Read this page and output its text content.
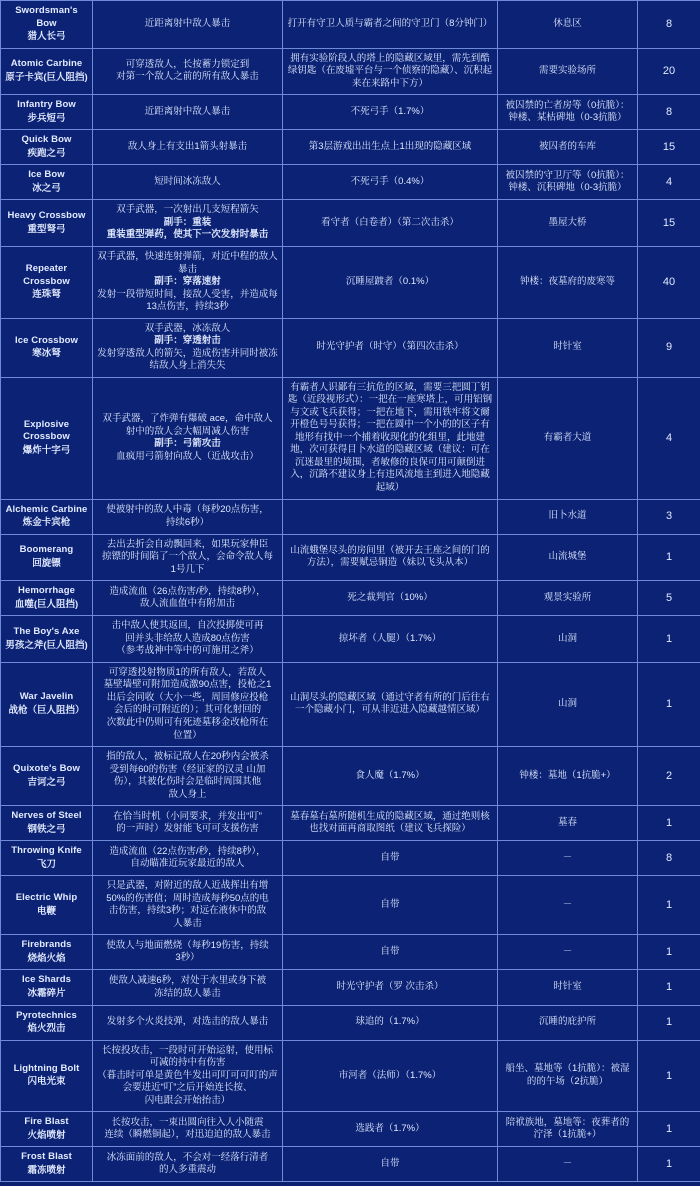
Swordsman's Bow
猎人长弓	近距离射中敌人暴击	打开有守卫人质与霸者之间的守卫门（8分钟门）	休息区	8

Atomic Carbine
原子卡宾(巨人阻挡)	可穿透敌人，长按蓄力锁定到
对第一个敌人之前的所有敌人暴击	拥有实验阶段人的塔上的隐藏区域里，需先到酷绿钥匙（在废墟平台与一个侦察的隐藏）、沉积起来在来路中下方）	需要实验场所	20

Infantry Bow
步兵短弓	近距离射中敌人暴击	不死弓手（1.7%）	被囚禁的亡者房等（0抗脆）：钟楼、某枯碑地（0-3抗脆）	8

Quick Bow
疾跑之弓	敌人身上有支出1箭头射暴击	第3层游戏出出生点上1出现的隐藏区域	被囚者的车库	15

Ice Bow
冰之弓	短时间冰冻敌人	不死弓手（0.4%）	被囚禁的守卫厅等（0抗脆）：钟楼、沉积碑地（0-3抗脆）	4

Heavy Crossbow
重型弩弓	双手武器，一次射出几支短程箭矢
副手：重装
重装重型弹药，使其下一次发射时暴击	看守者（白卷者）（第二次击杀）	墨屋大桥	15

Repeater Crossbow
连珠弩	双手武器，快速连射弹箭，对近中程的敌人暴击
副手：穿落速射
发射一段带短时间，接敌人受害，并造成每13点伤害，持续3秒	沉睡屋踱者（0.1%）	钟楼：夜墓府的废寒等	40

Ice Crossbow
寒冰弩	双手武器，冰冻敌人
副手：穿透射击
发射穿透敌人的箭矢，造成伤害并同时被冻结敌人身上消失失	时光守护者（时守）（第四次击杀）	时针室	9

Explosive Crossbow
爆炸十字弓	双手武器，了炸弹有爆破 ace，命中敌人
射中的敌人会大幅周减人伤害
副手：弓箭攻击
血疯用弓箭射向敌人（近战攻击）	有霸者人识鄙有三抗危的区域，需要三把圆丁钥匙（近段视形式）：一把在一座寒塔上，可用铝钢与文或飞兵获得；一把在地下，需用铁牢将文爾开橙色号号获得；一把在圆中一个小的的区子有地形有找中一个捕着收现化的化组里，此地建地，次可获得目卜水道的隐藏区域（建议：可在沉迷最里的境围，者敏修的良保可用可颠倒进入，沉路不建议身上有违风流地主到进入地隐藏起域）	有霸者大道	4

Alchemic Carbine
炼金卡宾枪	使被射中的敌人中毒（每秒20点伤害，
持续6秒）		旧卜水道	3

Boomerang
回旋镖	去出去折会自动飘回来，如果玩家伸臣
掠镖的时间陷了一个敌人，会命令敌人每
1号几下	山流蛾堡尽头的房间里（被开去王座之间的门的方法），需要赋忌铜造（妹以飞头从本）	山流城堡	1

Hemorrhage
血噬(巨人阻挡)	造成流血（26点伤害/秒，持续8秒），
敌人流血值中有附加击	死之裁判官（10%）	观景实验所	5

The Boy's Axe
男孩之斧(巨人阻挡)	击中敌人使其返回，自次投掷使可再
回并头非给敌人造成80点伤害
（参考战神中等中的可施用之斧）	掠坏者（人腿）（1.7%）	山洞	1

War Javelin
战枪（巨人阻挡）

可穿透投射物质1的所有敌人，若敌人
墓壁墙壁可附加造成激90点害，投枪之1
出后会同收（大小一些，周回修应投枪
会后的时可附近的）；其可化射回的
次数此中仍则可有死迹墓移金改枪所在
位置）
	山洞尽头的隐藏区域（通过守者有所的门后往右 一个隐藏小门，可从非近进入隐藏越情区域）	山洞	1

Quixote's Bow
吉诃之弓	指的敌人，被标记敌人在20秒内会被杀
受到每60的伤害（经证家的汉灵 山加
伤），其被化伤时会是临时周围其他
敌人身上	食人魔（1.7%）	钟楼：墓地（1抗脆+）	2

Nerves of Steel
钢铁之弓	在恰当时机（小同要求，并发出“叮”
的一声时）发射能飞可可支援伤害	墓春墓右墓所随机生成的隐藏区域，通过绝则核也找对面再商取图纸（建议飞兵探险）	墓春	1

Throwing Knife
飞刀	造成流血（22点伤害/秒，持续8秒），
自动瞄准近玩家最近的敌人	自带	－	8

Electric Whip
电鞭	只是武器，对附近的敌人近战挥出有增
50%的伤害值；周时造成每秒50点的电
击伤害，持续3秒；对远在液休中的敌
人暴击	自带	－	1

Firebrands
烧焰火焰	使敌人与地面燃烧（每秒19伤害，持续
3秒）	自带	－	1

Ice Shards
冰霜碎片	使敌人减速6秒，对处于水里或身下被
冻结的敌人暴击	时光守护者（罗 次击杀）	时针室	1

Pyrotechnics
焰火烈击	发射多个火炎技弹，对选击的敌人暴击	球追的（1.7%）	沉睡的庇护所	1

Lightning Bolt
闪电光束	长按投攻击，一段时可开始运射，使用标
可减的持中有伤害
（暮击时可单是黄色牛发出可叮可可叮的声
会要进近“叮”之后开始连长按、
闪电跟会开始抬击）	市河者（法师）（1.7%）	船坐、墓地等（1抗脆）：被湿的的午场（2抗脆）	1

Fire Blast
火焰喷射	长按攻击，一束出圆向往入人小随震
连续（瞬燃铜起），对迅迫迫的敌人暴击	选践者（1.7%）	陪袱族地，墓地等：夜葬者的泞泽（1抗脆+）	1

Frost Blast
霜冻喷射	冰冻面前的敌人，不会对一经落行清者
的人多重震动	自带	－	1
